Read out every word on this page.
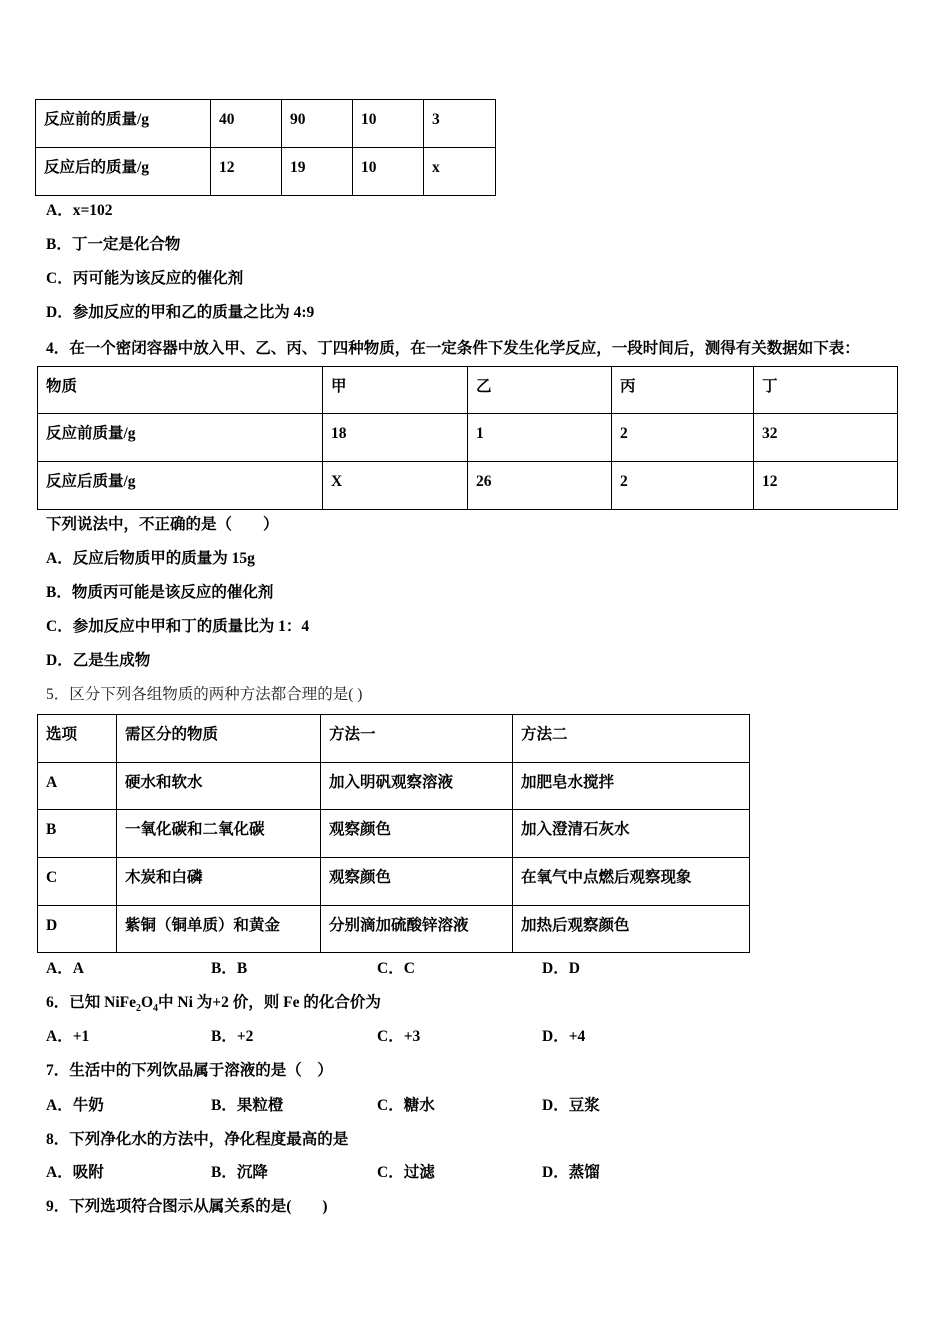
反应前的质量/g	40	90	10	3
反应后的质量/g	12	19	10	x
A．x=102
B．丁一定是化合物
C．丙可能为该反应的催化剂
D．参加反应的甲和乙的质量之比为 4:9
4．在一个密闭容器中放入甲、乙、丙、丁四种物质，在一定条件下发生化学反应，一段时间后，测得有关数据如下表：
物质	甲	乙	丙	丁
反应前质量/g	18	1	2	32
反应后质量/g	X	26	2	12
下列说法中，不正确的是（　　）
A．反应后物质甲的质量为 15g
B．物质丙可能是该反应的催化剂
C．参加反应中甲和丁的质量比为 1：4
D．乙是生成物
5．区分下列各组物质的两种方法都合理的是( )
选项	需区分的物质	方法一	方法二
A	硬水和软水	加入明矾观察溶液	加肥皂水搅拌
B	一氧化碳和二氧化碳	观察颜色	加入澄清石灰水
C	木炭和白磷	观察颜色	在氧气中点燃后观察现象
D	紫铜（铜单质）和黄金	分别滴加硫酸锌溶液	加热后观察颜色
A．A	B．B	C．C	D．D
6．已知 $NiFe_2O_4$中 Ni 为+2 价，则 Fe 的化合价为
A．+1	B．+2	C．+3	D．+4
7．生活中的下列饮品属于溶液的是（　）
A．牛奶	B．果粒橙	C．糖水	D．豆浆
8．下列净化水的方法中，净化程度最高的是
A．吸附	B．沉降	C．过滤	D．蒸馏
9．下列选项符合图示从属关系的是(　　)
